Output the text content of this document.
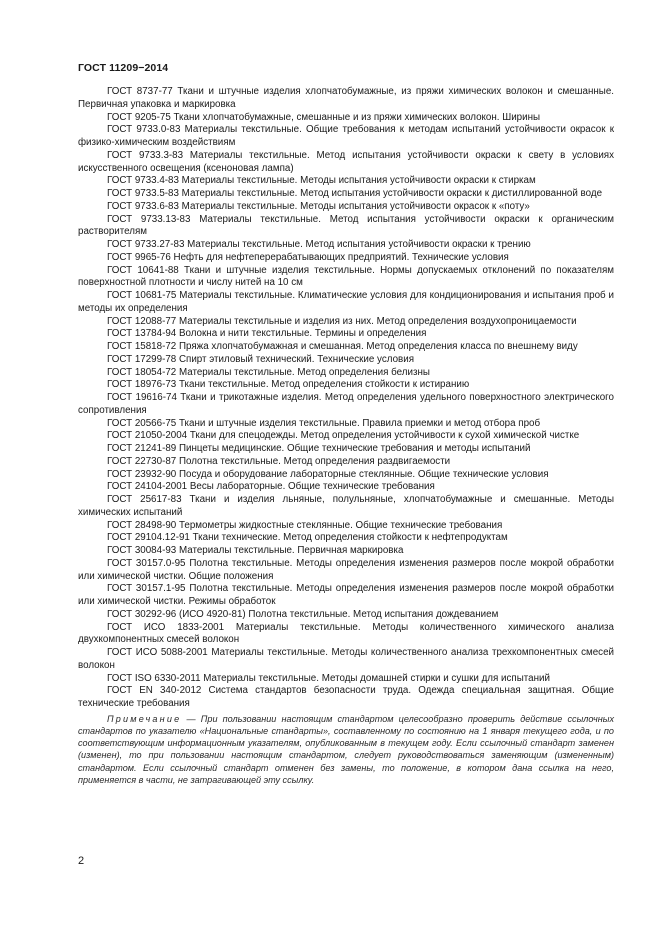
ГОСТ 11209−2014

ГОСТ 8737-77 Ткани и штучные изделия хлопчатобумажные, из пряжи химических волокон и смешанные. Первичная упаковка и маркировка

ГОСТ 9205-75 Ткани хлопчатобумажные, смешанные и из пряжи химических волокон. Ширины

ГОСТ 9733.0-83 Материалы текстильные. Общие требования к методам испытаний устойчивости окрасок к физико-химическим воздействиям

ГОСТ 9733.3-83 Материалы текстильные. Метод испытания устойчивости окраски к свету в условиях искусственного освещения (ксеноновая лампа)

ГОСТ 9733.4-83 Материалы текстильные. Методы испытания устойчивости окраски к стиркам

ГОСТ 9733.5-83 Материалы текстильные. Метод испытания устойчивости окраски к дистиллированной воде

ГОСТ 9733.6-83 Материалы текстильные. Методы испытания устойчивости окрасок к «поту»

ГОСТ 9733.13-83 Материалы текстильные. Метод испытания устойчивости окраски к органическим растворителям

ГОСТ 9733.27-83 Материалы текстильные. Метод испытания устойчивости окраски к трению

ГОСТ 9965-76 Нефть для нефтеперерабатывающих предприятий. Технические условия

ГОСТ 10641-88 Ткани и штучные изделия текстильные. Нормы допускаемых отклонений по показателям поверхностной плотности и числу нитей на 10 см

ГОСТ 10681-75 Материалы текстильные. Климатические условия для кондиционирования и испытания проб и методы их определения

ГОСТ 12088-77 Материалы текстильные и изделия из них. Метод определения воздухопроницаемости

ГОСТ 13784-94 Волокна и нити текстильные. Термины и определения

ГОСТ 15818-72 Пряжа хлопчатобумажная и смешанная. Метод определения класса по внешнему виду

ГОСТ 17299-78 Спирт этиловый технический. Технические условия

ГОСТ 18054-72 Материалы текстильные. Метод определения белизны

ГОСТ 18976-73 Ткани текстильные. Метод определения стойкости к истиранию

ГОСТ 19616-74 Ткани и трикотажные изделия. Метод определения удельного поверхностного электрического сопротивления

ГОСТ 20566-75 Ткани и штучные изделия текстильные. Правила приемки и метод отбора проб

ГОСТ 21050-2004 Ткани для спецодежды. Метод определения устойчивости к сухой химической чистке

ГОСТ 21241-89 Пинцеты медицинские. Общие технические требования и методы испытаний

ГОСТ 22730-87 Полотна текстильные. Метод определения раздвигаемости

ГОСТ 23932-90 Посуда и оборудование лабораторные стеклянные. Общие технические условия

ГОСТ 24104-2001 Весы лабораторные. Общие технические требования

ГОСТ 25617-83 Ткани и изделия льняные, полульняные, хлопчатобумажные и смешанные. Методы химических испытаний

ГОСТ 28498-90 Термометры жидкостные стеклянные. Общие технические требования

ГОСТ 29104.12-91 Ткани технические. Метод определения стойкости к нефтепродуктам

ГОСТ 30084-93 Материалы текстильные. Первичная маркировка

ГОСТ 30157.0-95 Полотна текстильные. Методы определения изменения размеров после мокрой обработки или химической чистки. Общие положения

ГОСТ 30157.1-95 Полотна текстильные. Методы определения изменения размеров после мокрой обработки или химической чистки. Режимы обработок

ГОСТ 30292-96 (ИСО 4920-81) Полотна текстильные. Метод испытания дождеванием

ГОСТ ИСО 1833-2001 Материалы текстильные. Методы количественного химического анализа двухкомпонентных смесей волокон

ГОСТ ИСО 5088-2001 Материалы текстильные. Методы количественного анализа трехкомпонентных смесей волокон

ГОСТ ISO 6330-2011 Материалы текстильные. Методы домашней стирки и сушки для испытаний

ГОСТ EN 340-2012 Система стандартов безопасности труда. Одежда специальная защитная. Общие технические требования

Примечание — При пользовании настоящим стандартом целесообразно проверить действие ссылочных стандартов по указателю «Национальные стандарты», составленному по состоянию на 1 января текущего года, и по соответствующим информационным указателям, опубликованным в текущем году. Если ссылочный стандарт заменен (изменен), то при пользовании настоящим стандартом, следует руководствоваться заменяющим (измененным) стандартом. Если ссылочный стандарт отменен без замены, то положение, в котором дана ссылка на него, применяется в части, не затрагивающей эту ссылку.

2
